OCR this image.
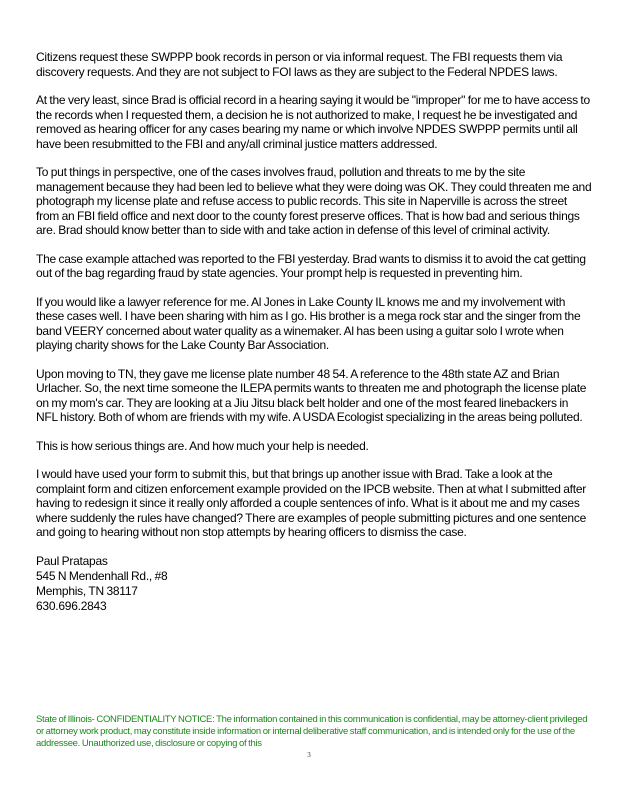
Citizens request these SWPPP book records in person or via informal request. The FBI requests them via discovery requests. And they are not subject to FOI laws as they are subject to the Federal NPDES laws.

At the very least, since Brad is official record in a hearing saying it would be "improper" for me to have access to the records when I requested them, a decision he is not authorized to make, I request he be investigated and removed as hearing officer for any cases bearing my name or which involve NPDES SWPPP permits until all have been resubmitted to the FBI and any/all criminal justice matters addressed.

To put things in perspective, one of the cases involves fraud, pollution and threats to me by the site management because they had been led to believe what they were doing was OK. They could threaten me and photograph my license plate and refuse access to public records. This site in Naperville is across the street from an FBI field office and next door to the county forest preserve offices. That is how bad and serious things are. Brad should know better than to side with and take action in defense of this level of criminal activity.

The case example attached was reported to the FBI yesterday. Brad wants to dismiss it to avoid the cat getting out of the bag regarding fraud by state agencies. Your prompt help is requested in preventing him.

If you would like a lawyer reference for me. Al Jones in Lake County IL knows me and my involvement with these cases well. I have been sharing with him as I go. His brother is a mega rock star and the singer from the band VEERY concerned about water quality as a winemaker. Al has been using a guitar solo I wrote when playing charity shows for the Lake County Bar Association.

Upon moving to TN, they gave me license plate number 48 54. A reference to the 48th state AZ and Brian Urlacher. So, the next time someone the ILEPA permits wants to threaten me and photograph the license plate on my mom's car. They are looking at a Jiu Jitsu black belt holder and one of the most feared linebackers in NFL history. Both of whom are friends with my wife. A USDA Ecologist specializing in the areas being polluted.

This is how serious things are. And how much your help is needed.

I would have used your form to submit this, but that brings up another issue with Brad. Take a look at the complaint form and citizen enforcement example provided on the IPCB website. Then at what I submitted after having to redesign it since it really only afforded a couple sentences of info. What is it about me and my cases where suddenly the rules have changed? There are examples of people submitting pictures and one sentence and going to hearing without non stop attempts by hearing officers to dismiss the case.

Paul Pratapas
545 N Mendenhall Rd., #8
Memphis, TN 38117
630.696.2843
State of Illinois- CONFIDENTIALITY NOTICE: The information contained in this communication is confidential, may be attorney-client privileged or attorney work product, may constitute inside information or internal deliberative staff communication, and is intended only for the use of the addressee. Unauthorized use, disclosure or copying of this
3
